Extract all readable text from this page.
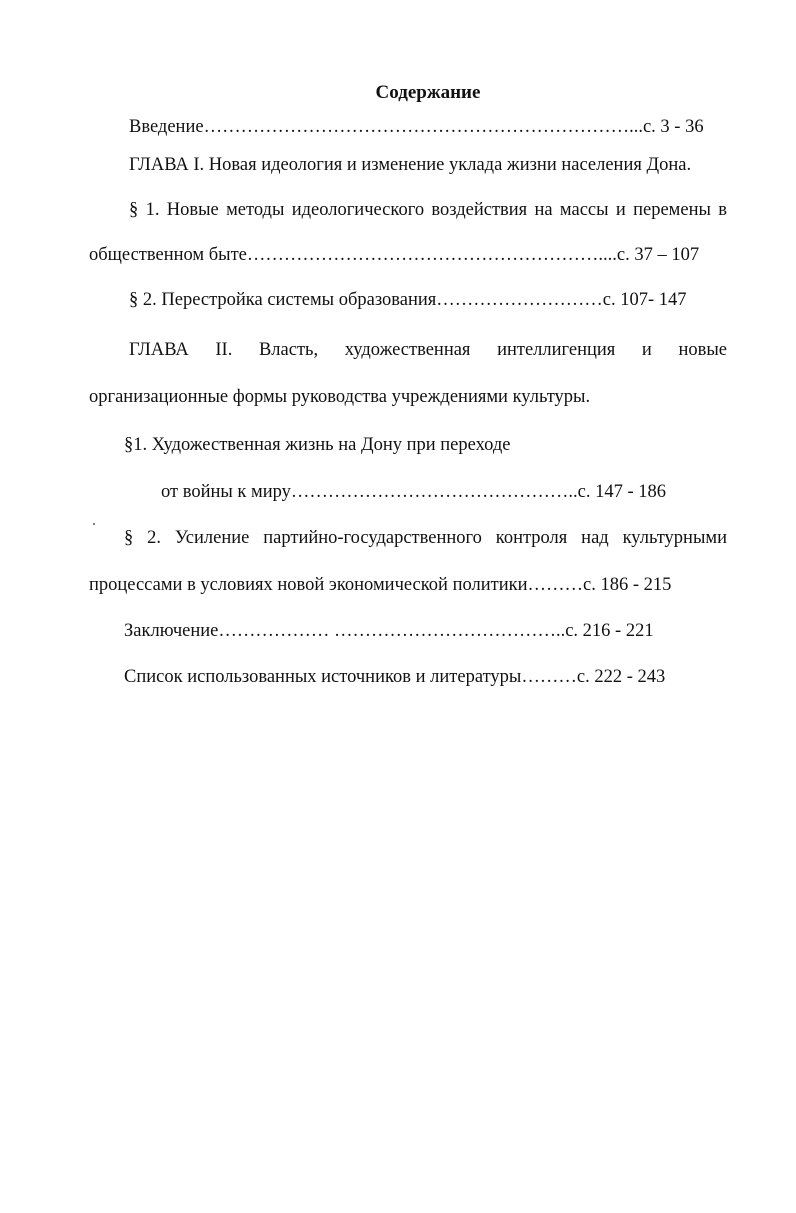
Содержание
Введение……………………………………………………………...с. 3 - 36
ГЛАВА I. Новая идеология и изменение уклада жизни населения Дона.
§ 1. Новые методы идеологического воздействия на массы и перемены в
общественном быте…………………………………………………....с. 37 – 107
§ 2. Перестройка системы образования………………………с. 107- 147
ГЛАВА II. Власть, художественная интеллигенция и новые
организационные формы руководства учреждениями культуры.
§1. Художественная жизнь на Дону при переходе
от войны к миру………………………………………..с. 147 - 186
§ 2. Усиление партийно-государственного контроля над культурными
процессами в условиях новой экономической политики………с. 186 - 215
Заключение……………… ………………………………..с. 216 - 221
Список использованных источников и литературы………с. 222 - 243
